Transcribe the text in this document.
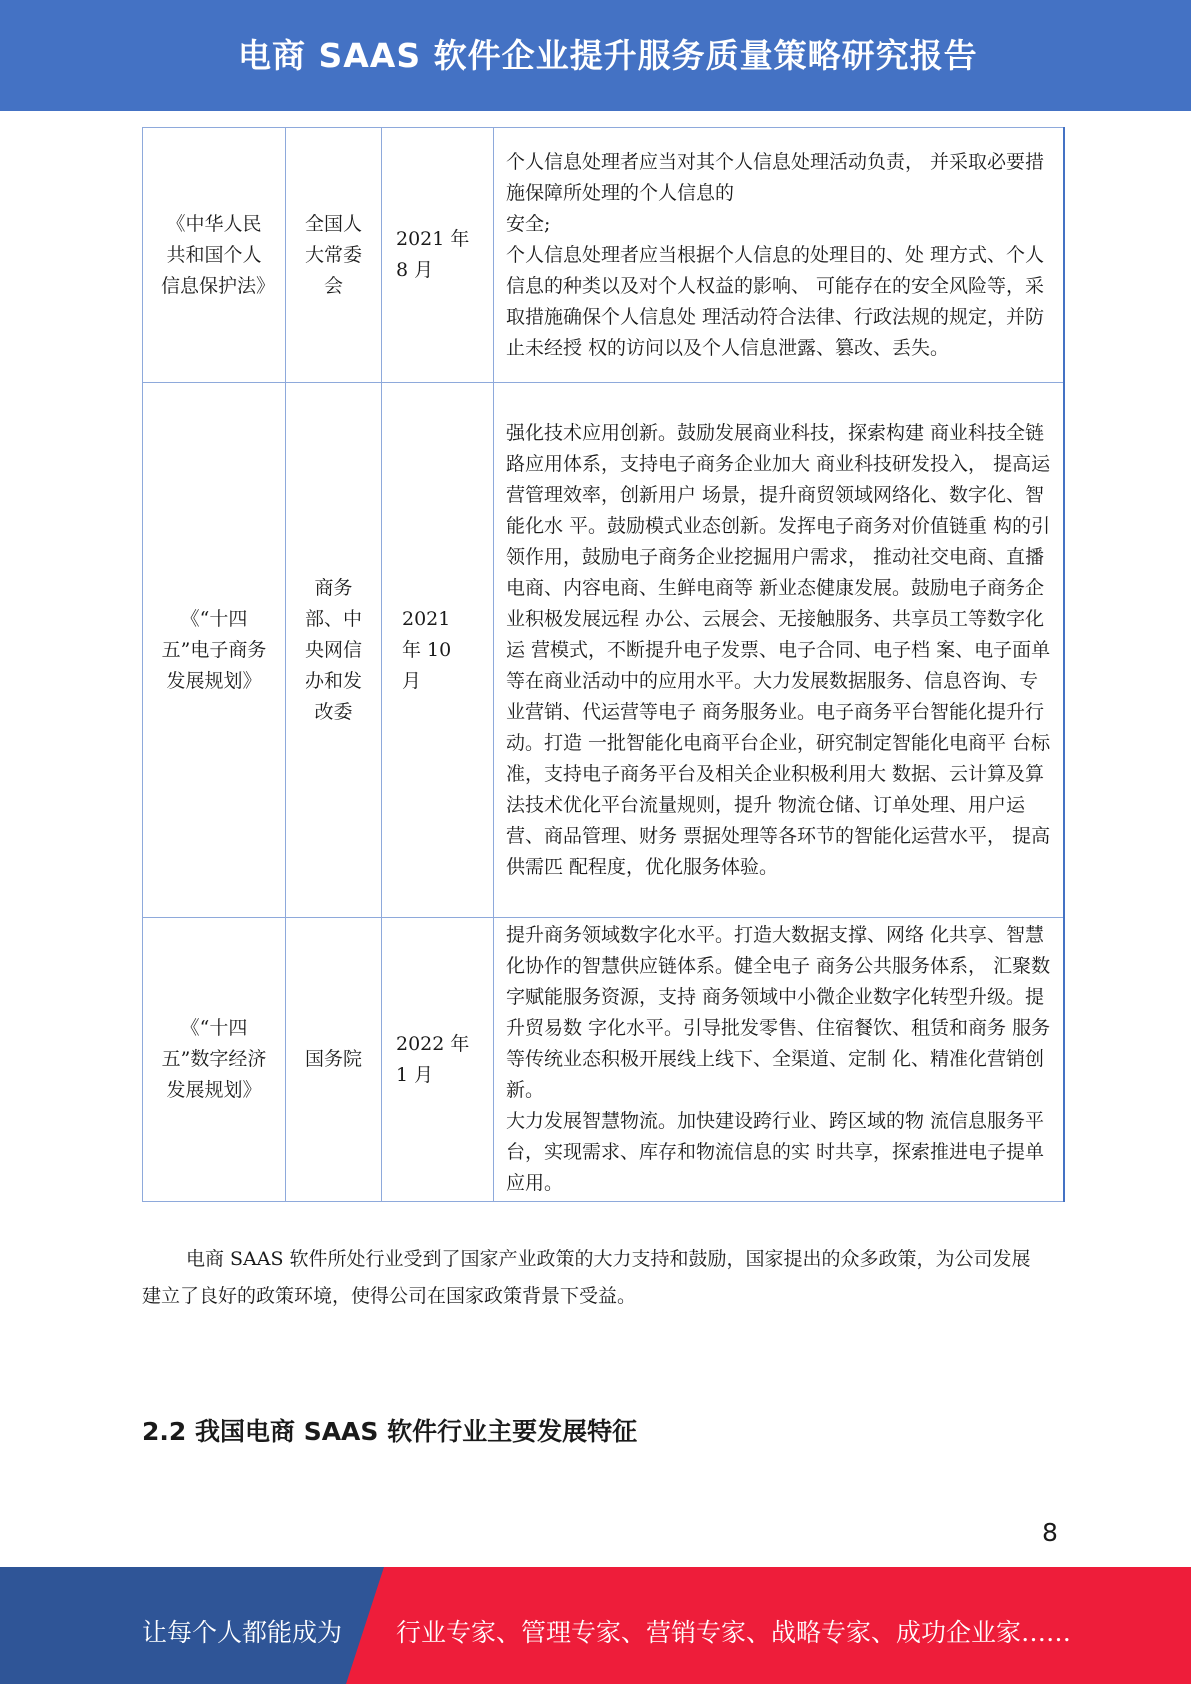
电商 SAAS 软件企业提升服务质量策略研究报告
《中华人民共和国个人信息保护法》	全国人大常委会	2021 年 8 月	个人信息处理者应当对其个人信息处理活动负责， 并采取必要措施保障所处理的个人信息的

安全;

个人信息处理者应当根据个人信息的处理目的、处 理方式、个人信息的种类以及对个人权益的影响、 可能存在的安全风险等，采取措施确保个人信息处 理活动符合法律、行政法规的规定，并防止未经授 权的访问以及个人信息泄露、篡改、丢失。

《“十四五”电子商务发展规划》	商务部、中央网信办和发改委	2021 年 10 月	强化技术应用创新。鼓励发展商业科技，探索构建 商业科技全链路应用体系，支持电子商务企业加大 商业科技研发投入， 提高运营管理效率，创新用户 场景，提升商贸领域网络化、数字化、智能化水 平。鼓励模式业态创新。发挥电子商务对价值链重 构的引领作用，鼓励电子商务企业挖掘用户需求， 推动社交电商、直播电商、内容电商、生鲜电商等 新业态健康发展。鼓励电子商务企业积极发展远程 办公、云展会、无接触服务、共享员工等数字化运 营模式，不断提升电子发票、电子合同、电子档 案、电子面单等在商业活动中的应用水平。大力发展数据服务、信息咨询、专业营销、代运营等电子 商务服务业。电子商务平台智能化提升行动。打造 一批智能化电商平台企业，研究制定智能化电商平 台标准，支持电子商务平台及相关企业积极利用大 数据、云计算及算法技术优化平台流量规则，提升 物流仓储、订单处理、用户运营、商品管理、财务 票据处理等各环节的智能化运营水平， 提高供需匹 配程度，优化服务体验。

《“十四五”数字经济发展规划》	国务院	2022 年 1 月	提升商务领域数字化水平。打造大数据支撑、网络 化共享、智慧化协作的智慧供应链体系。健全电子 商务公共服务体系， 汇聚数字赋能服务资源，支持 商务领域中小微企业数字化转型升级。提升贸易数 字化水平。引导批发零售、住宿餐饮、租赁和商务 服务等传统业态积极开展线上线下、全渠道、定制 化、精准化营销创新。

大力发展智慧物流。加快建设跨行业、跨区域的物 流信息服务平台，实现需求、库存和物流信息的实 时共享，探索推进电子提单应用。

电商 SAAS 软件所处行业受到了国家产业政策的大力支持和鼓励，国家提出的众多政策，为公司发展建立了良好的政策环境，使得公司在国家政策背景下受益。

2.2 我国电商 SAAS 软件行业主要发展特征
8
让每个人都能成为 行业专家、管理专家、营销专家、战略专家、成功企业家……
